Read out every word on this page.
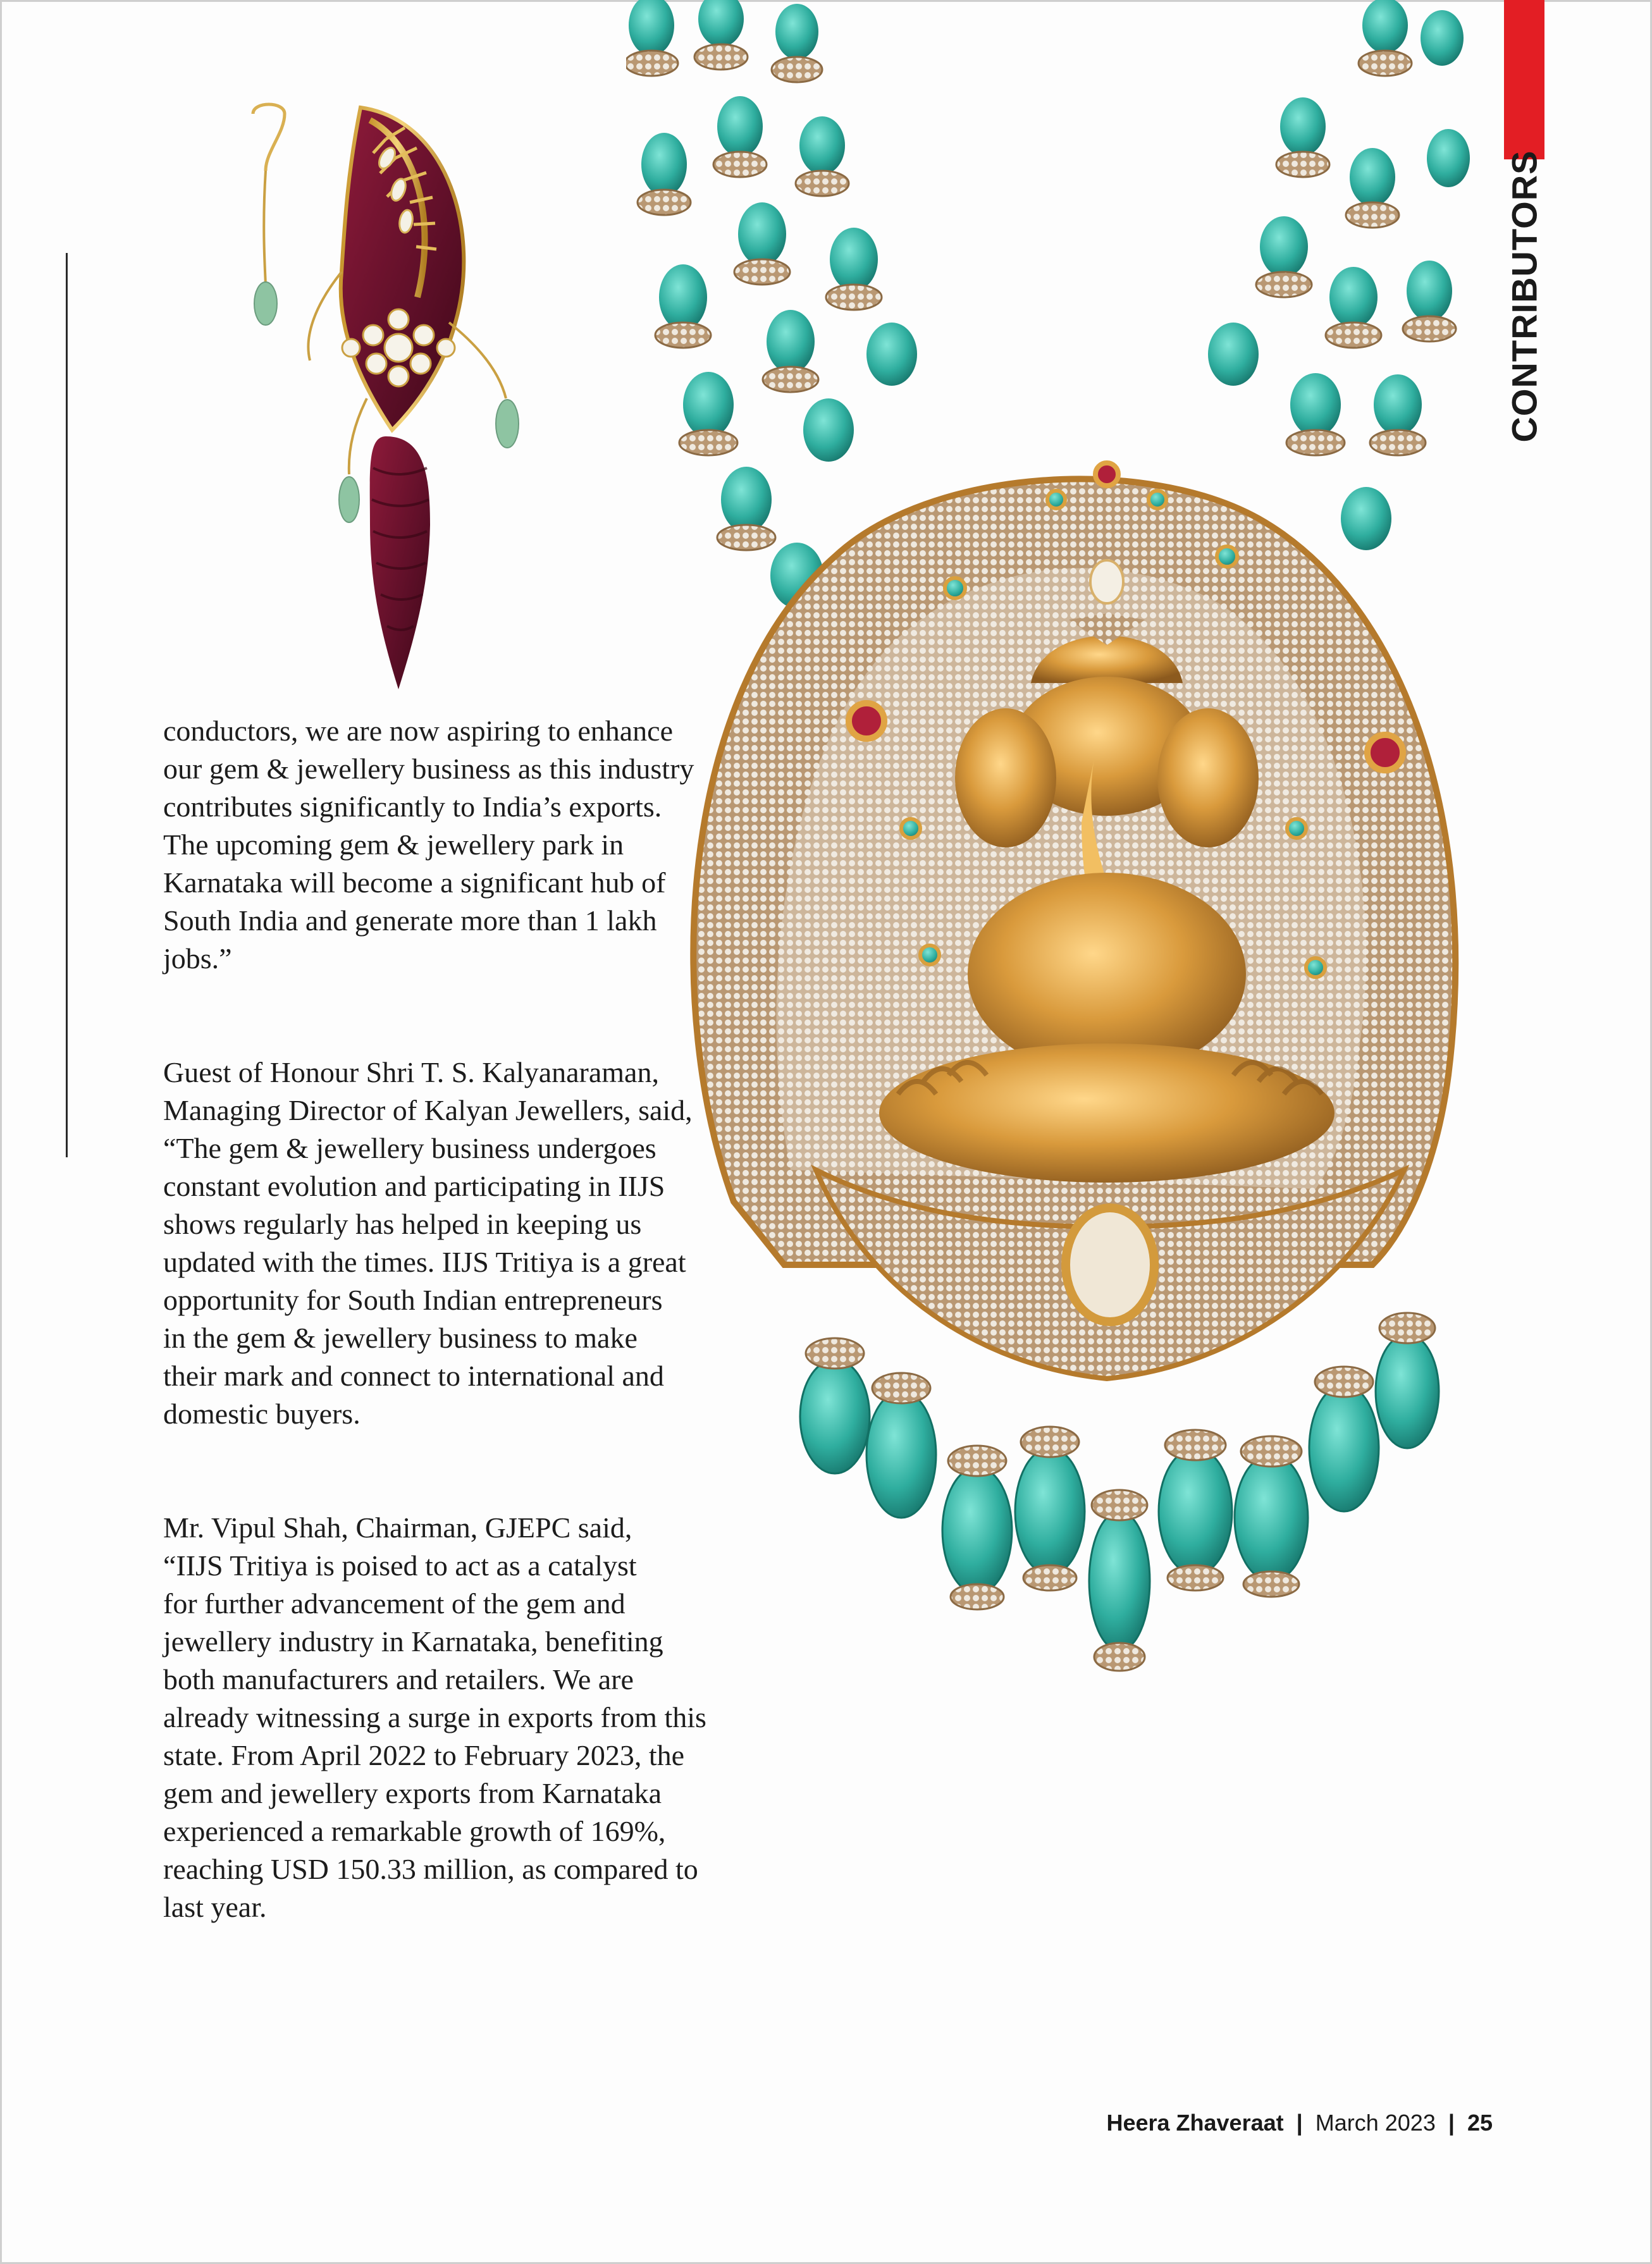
CONTRIBUTORS

conductors, we are now aspiring to enhance
our gem & jewellery business as this industry
contributes significantly to India’s exports.
The upcoming gem & jewellery park in
Karnataka will become a significant hub of
South India and generate more than 1 lakh
jobs.”

Guest of Honour Shri T. S. Kalyanaraman,
Managing Director of Kalyan Jewellers, said,
“The gem & jewellery business undergoes
constant evolution and participating in IIJS
shows regularly has helped in keeping us
updated with the times. IIJS Tritiya is a great
opportunity for South Indian entrepreneurs
in the gem & jewellery business to make
their mark and connect to international and
domestic buyers.

Mr. Vipul Shah, Chairman, GJEPC said,
“IIJS Tritiya is poised to act as a catalyst
for further advancement of the gem and
jewellery industry in Karnataka, benefiting
both manufacturers and retailers. We are
already witnessing a surge in exports from this
state. From April 2022 to February 2023, the
gem and jewellery exports from Karnataka
experienced a remarkable growth of 169%,
reaching USD 150.33 million, as compared to
last year.

Heera Zhaveraat | March 2023 | 25
